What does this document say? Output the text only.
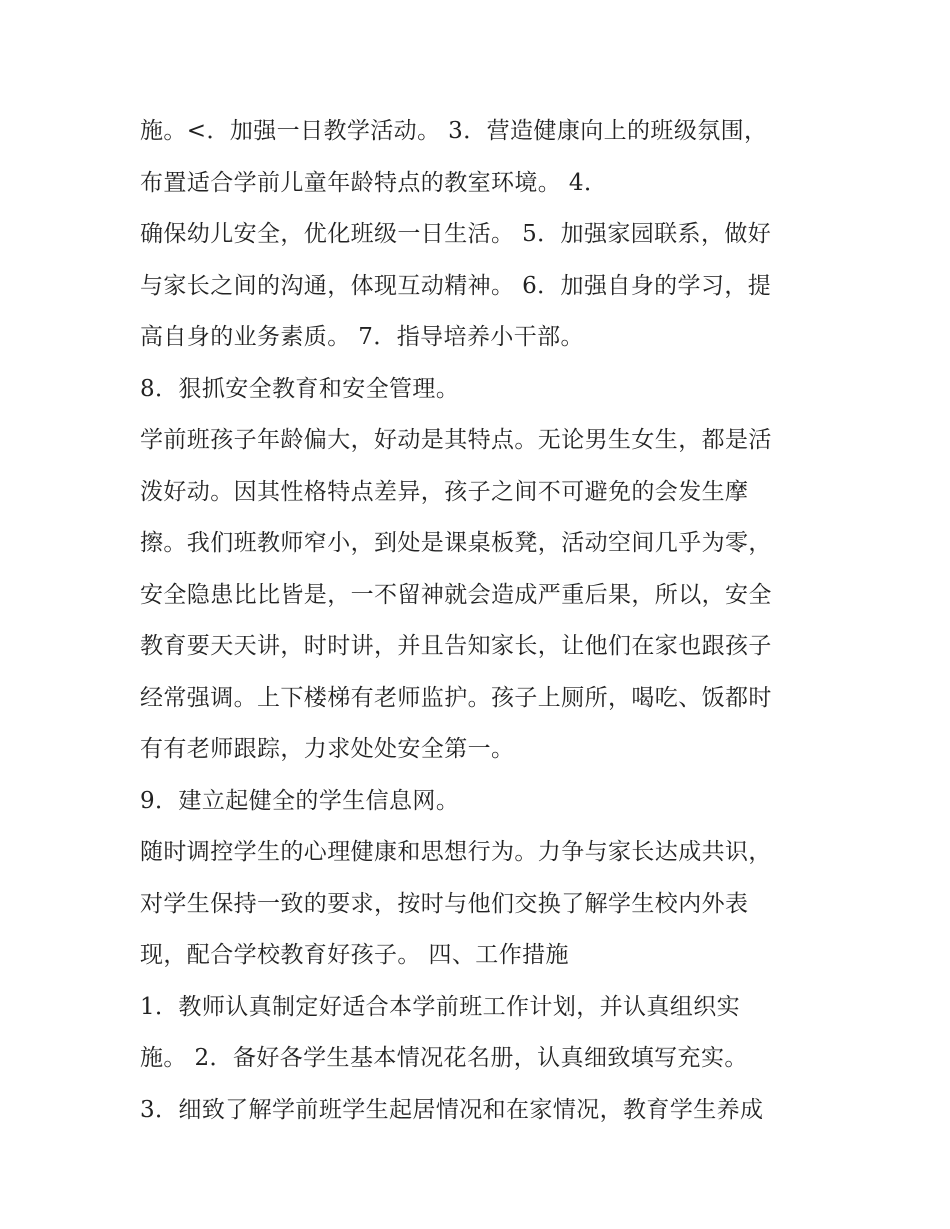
施。<．加强一日教学活动。 3．营造健康向上的班级氛围，

布置适合学前儿童年龄特点的教室环境。 4．

确保幼儿安全，优化班级一日生活。 5．加强家园联系，做好

与家长之间的沟通，体现互动精神。 6．加强自身的学习，提

高自身的业务素质。 7．指导培养小干部。

8．狠抓安全教育和安全管理。

学前班孩子年龄偏大，好动是其特点。无论男生女生，都是活

泼好动。因其性格特点差异，孩子之间不可避免的会发生摩

擦。我们班教师窄小，到处是课桌板凳，活动空间几乎为零，

安全隐患比比皆是，一不留神就会造成严重后果，所以，安全

教育要天天讲，时时讲，并且告知家长，让他们在家也跟孩子

经常强调。上下楼梯有老师监护。孩子上厕所，喝吃、饭都时

有有老师跟踪，力求处处安全第一。

9．建立起健全的学生信息网。

随时调控学生的心理健康和思想行为。力争与家长达成共识，

对学生保持一致的要求，按时与他们交换了解学生校内外表

现，配合学校教育好孩子。 四、工作措施

1．教师认真制定好适合本学前班工作计划，并认真组织实

施。 2．备好各学生基本情况花名册，认真细致填写充实。

3．细致了解学前班学生起居情况和在家情况，教育学生养成
